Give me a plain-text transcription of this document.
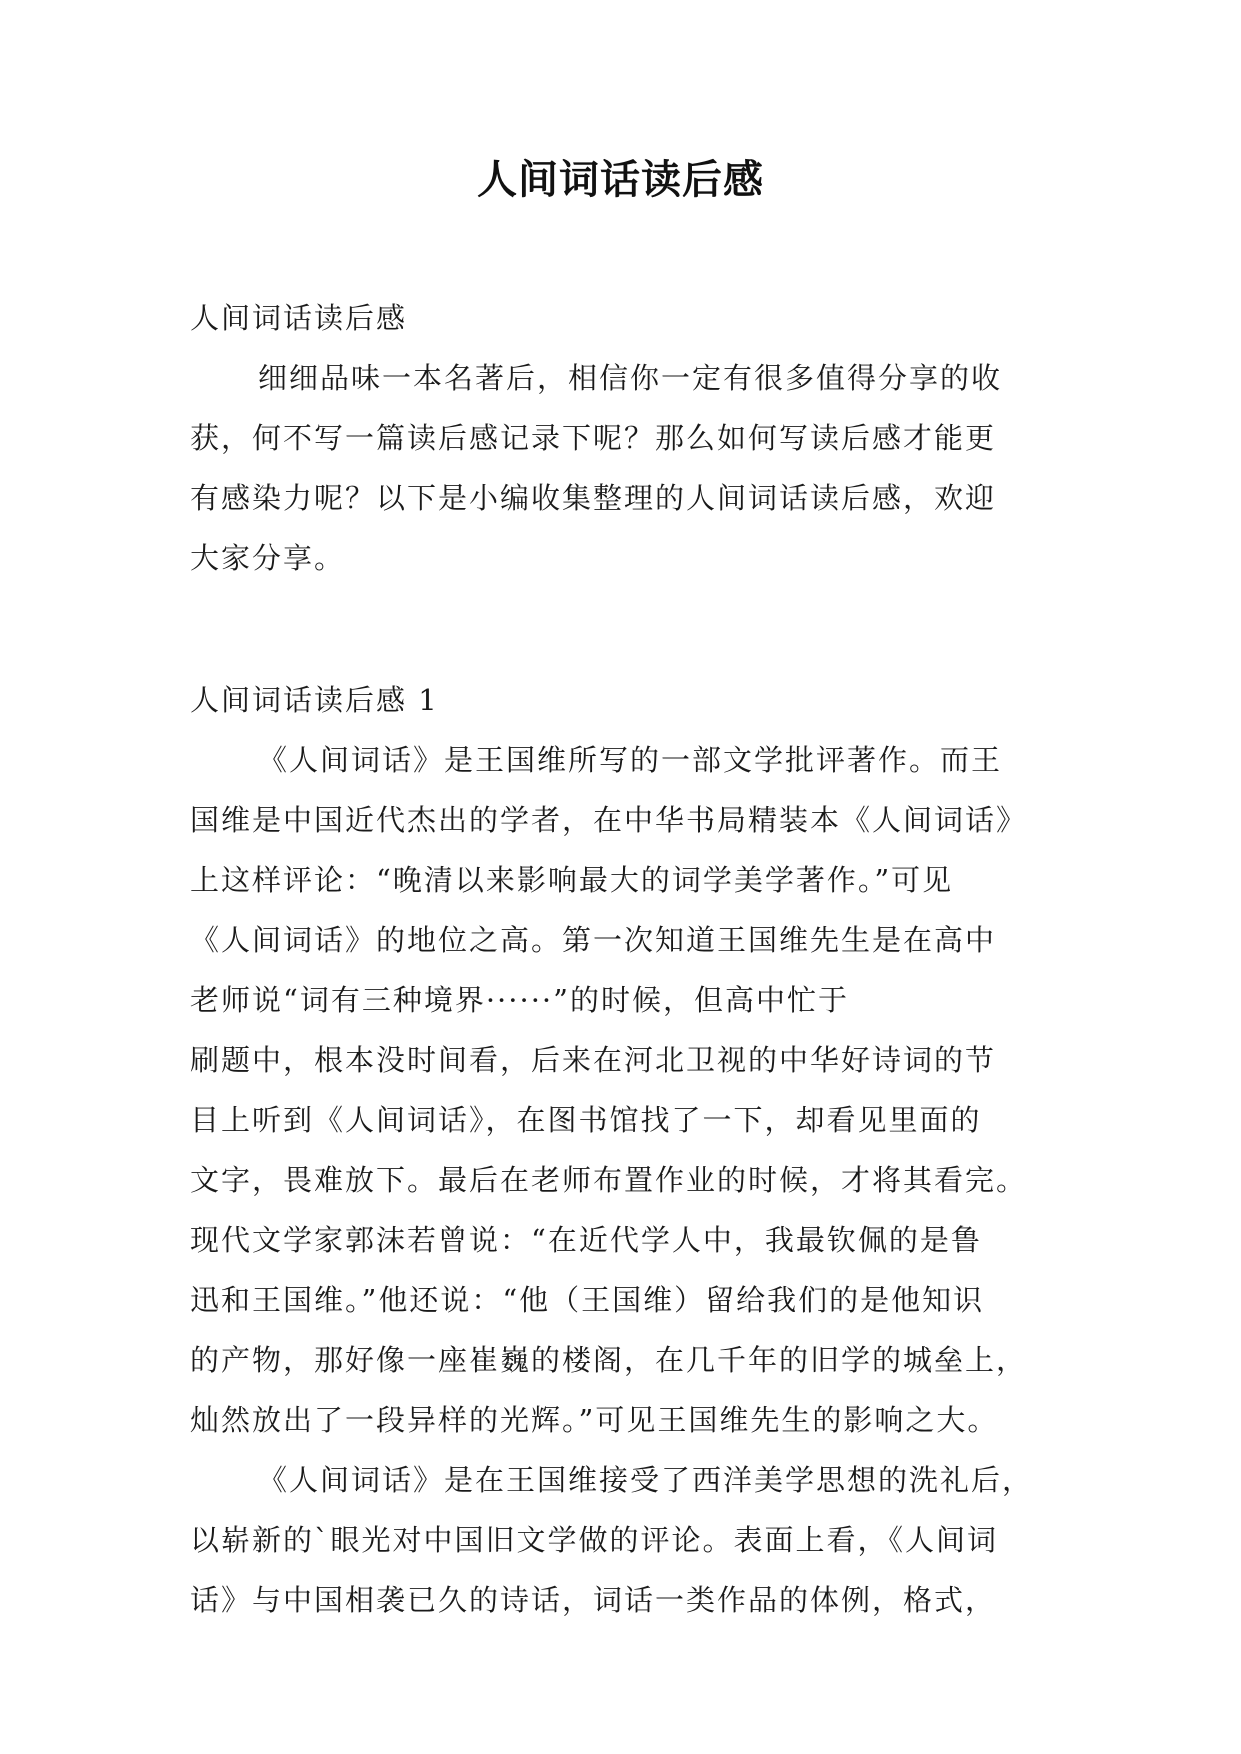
人间词话读后感

人间词话读后感

细细品味一本名著后，相信你一定有很多值得分享的收

获，何不写一篇读后感记录下呢？那么如何写读后感才能更

有感染力呢？以下是小编收集整理的人间词话读后感，欢迎

大家分享。

人间词话读后感 1

《人间词话》是王国维所写的一部文学批评著作。而王

国维是中国近代杰出的学者，在中华书局精装本《人间词话》

上这样评论：“晚清以来影响最大的词学美学著作。”可见

《人间词话》的地位之高。第一次知道王国维先生是在高中

老师说“词有三种境界······”的时候，但高中忙于

刷题中，根本没时间看，后来在河北卫视的中华好诗词的节

目上听到《人间词话》，在图书馆找了一下，却看见里面的

文字，畏难放下。最后在老师布置作业的时候，才将其看完。

现代文学家郭沫若曾说：“在近代学人中，我最钦佩的是鲁

迅和王国维。”他还说：“他（王国维）留给我们的是他知识

的产物，那好像一座崔巍的楼阁，在几千年的旧学的城垒上，

灿然放出了一段异样的光辉。”可见王国维先生的影响之大。

《人间词话》是在王国维接受了西洋美学思想的洗礼后，

以崭新的`眼光对中国旧文学做的评论。表面上看，《人间词

话》与中国相袭已久的诗话，词话一类作品的体例，格式，
